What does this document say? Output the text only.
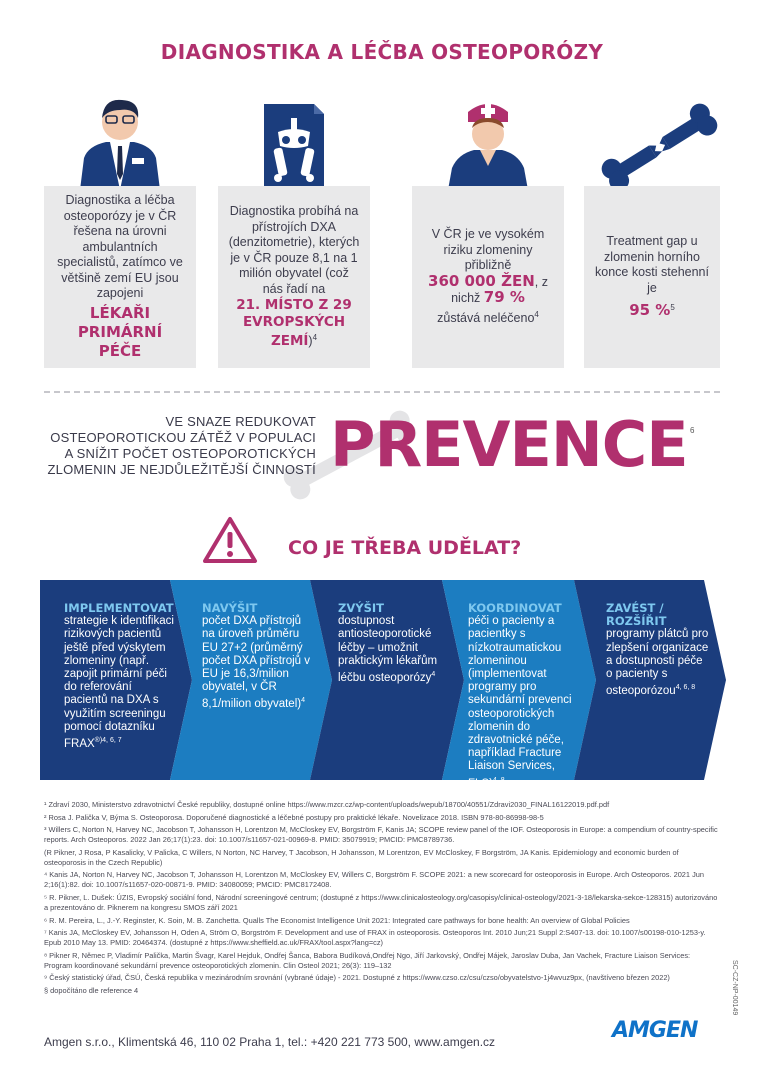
DIAGNOSTIKA A LÉČBA OSTEOPORÓZY
Diagnostika a léčba osteoporózy je v ČR řešena na úrovni ambulantních specialistů, zatímco ve většině zemí EU jsou zapojeni
LÉKAŘI PRIMÁRNÍ PÉČE
Diagnostika probíhá na přístrojích DXA (denzitometrie), kterých je v ČR pouze 8,1 na 1 milión obyvatel (což nás řadí na
21. MÍSTO Z 29 EVROPSKÝCH ZEMÍ)$^4$
V ČR je ve vysokém riziku zlomeniny přibližně
360 000 ŽEN, z nichž 79 %
zůstává neléčeno$^4$
Treatment gap u zlomenin horního konce kosti stehenní je
95 %$^5$
VE SNAZE REDUKOVAT OSTEOPOROTICKOU ZÁTĚŽ V POPULACI A SNÍŽIT POČET OSTEOPOROTICKÝCH ZLOMENIN JE NEJDŮLEŽITĚJŠÍ ČINNOSTÍ PREVENCE 6
CO JE TŘEBA UDĚLAT?
IMPLEMENTOVAT
strategie k identifikaci rizikových pacientů ještě před výskytem zlomeniny (např. zapojit primární péči do referování pacientů na DXA s využitím screeningu pomocí dotazníku $FRAX^{®)4, 6, 7}$
NAVÝŠIT
počet DXA přístrojů na úroveň průměru EU 27+2 (průměrný počet DXA přístrojů v EU je 16,3/milion obyvatel, v ČR 8,1/milion obyvatel)$^4$
ZVÝŠIT
dostupnost antiosteoporotické léčby – umožnit praktickým lékařům léčbu osteoporózy$^4$
KOORDINOVAT
péči o pacienty a pacientky s nízkotraumatickou zlomeninou (implementovat programy pro sekundární prevenci osteoporotických zlomenin do zdravotnické péče, například Fracture Liaison Services, FLS)$^{4, 8}$
ZAVÉST / ROZŠÍŘIT
programy plátců pro zlepšení organizace a dostupnosti péče o pacienty s osteoporózou$^{4, 6, 8}$

¹ Zdraví 2030, Ministerstvo zdravotnictví České republiky, dostupné online https://www.mzcr.cz/wp-content/uploads/wepub/18700/40551/Zdravi2030_FINAL16122019.pdf.pdf

² Rosa J. Palička V, Býma S. Osteoporosa. Doporučené diagnostické a léčebné postupy pro praktické lékaře. Novelizace 2018. ISBN 978-80-86998-98-5

³ Willers C, Norton N, Harvey NC, Jacobson T, Johansson H, Lorentzon M, McCloskey EV, Borgström F, Kanis JA; SCOPE review panel of the IOF. Osteoporosis in Europe: a compendium of country-specific reports. Arch Osteoporos. 2022 Jan 26;17(1):23. doi: 10.1007/s11657-021-00969-8. PMID: 35079919; PMCID: PMC8789736.

(R Pikner, J Rosa, P Kasalicky, V Palicka, C Willers, N Norton, NC Harvey, T Jacobson, H Johansson, M Lorentzon, EV McCloskey, F Borgström, JA Kanis. Epidemiology and economic burden of osteoporosis in the Czech Republic)

⁴ Kanis JA, Norton N, Harvey NC, Jacobson T, Johansson H, Lorentzon M, McCloskey EV, Willers C, Borgström F. SCOPE 2021: a new scorecard for osteoporosis in Europe. Arch Osteoporos. 2021 Jun 2;16(1):82. doi: 10.1007/s11657-020-00871-9. PMID: 34080059; PMCID: PMC8172408.

⁵ R. Pikner, L. Dušek: ÚZIS, Evropský sociální fond, Národní screeningové centrum; (dostupné z https://www.clinicalosteology.org/casopisy/clinical-osteology/2021-3-18/lekarska-sekce-128315) autorizováno a prezentováno dr. Piknerem na kongresu SMOS září 2021

⁶ R. M. Pereira, L., J.-Y. Reginster, K. Soin, M. B. Zanchetta. Qualls The Economist Intelligence Unit 2021: Integrated care pathways for bone health: An overview of Global Policies

⁷ Kanis JA, McCloskey EV, Johansson H, Oden A, Ström O, Borgström F. Development and use of FRAX in osteoporosis. Osteoporos Int. 2010 Jun;21 Suppl 2:S407-13. doi: 10.1007/s00198-010-1253-y. Epub 2010 May 13. PMID: 20464374. (dostupné z https://www.sheffield.ac.uk/FRAX/tool.aspx?lang=cz)

⁸ Pikner R, Němec P, Vladimír Palička, Martin Švagr, Karel Hejduk, Ondřej Šanca, Babora Budíková,Ondřej Ngo, Jiří Jarkovský, Ondřej Májek, Jaroslav Duba, Jan Vachek, Fracture Liaison Services: Program koordinované sekundární prevence osteoporotických zlomenin. Clin Osteol 2021; 26(3): 119–132

⁹ Český statistický úřad, ČSÚ, Česká republika v mezinárodním srovnání (vybrané údaje) - 2021. Dostupné z https://www.czso.cz/csu/czso/obyvatelstvo-1j4wvuz9px, (navštíveno březen 2022)

§ dopočítáno dle reference 4	SC-CZ-NP-00149
Amgen s.r.o., Klimentská 46, 110 02 Praha 1, tel.: +420 221 773 500, www.amgen.cz	AMGEN
